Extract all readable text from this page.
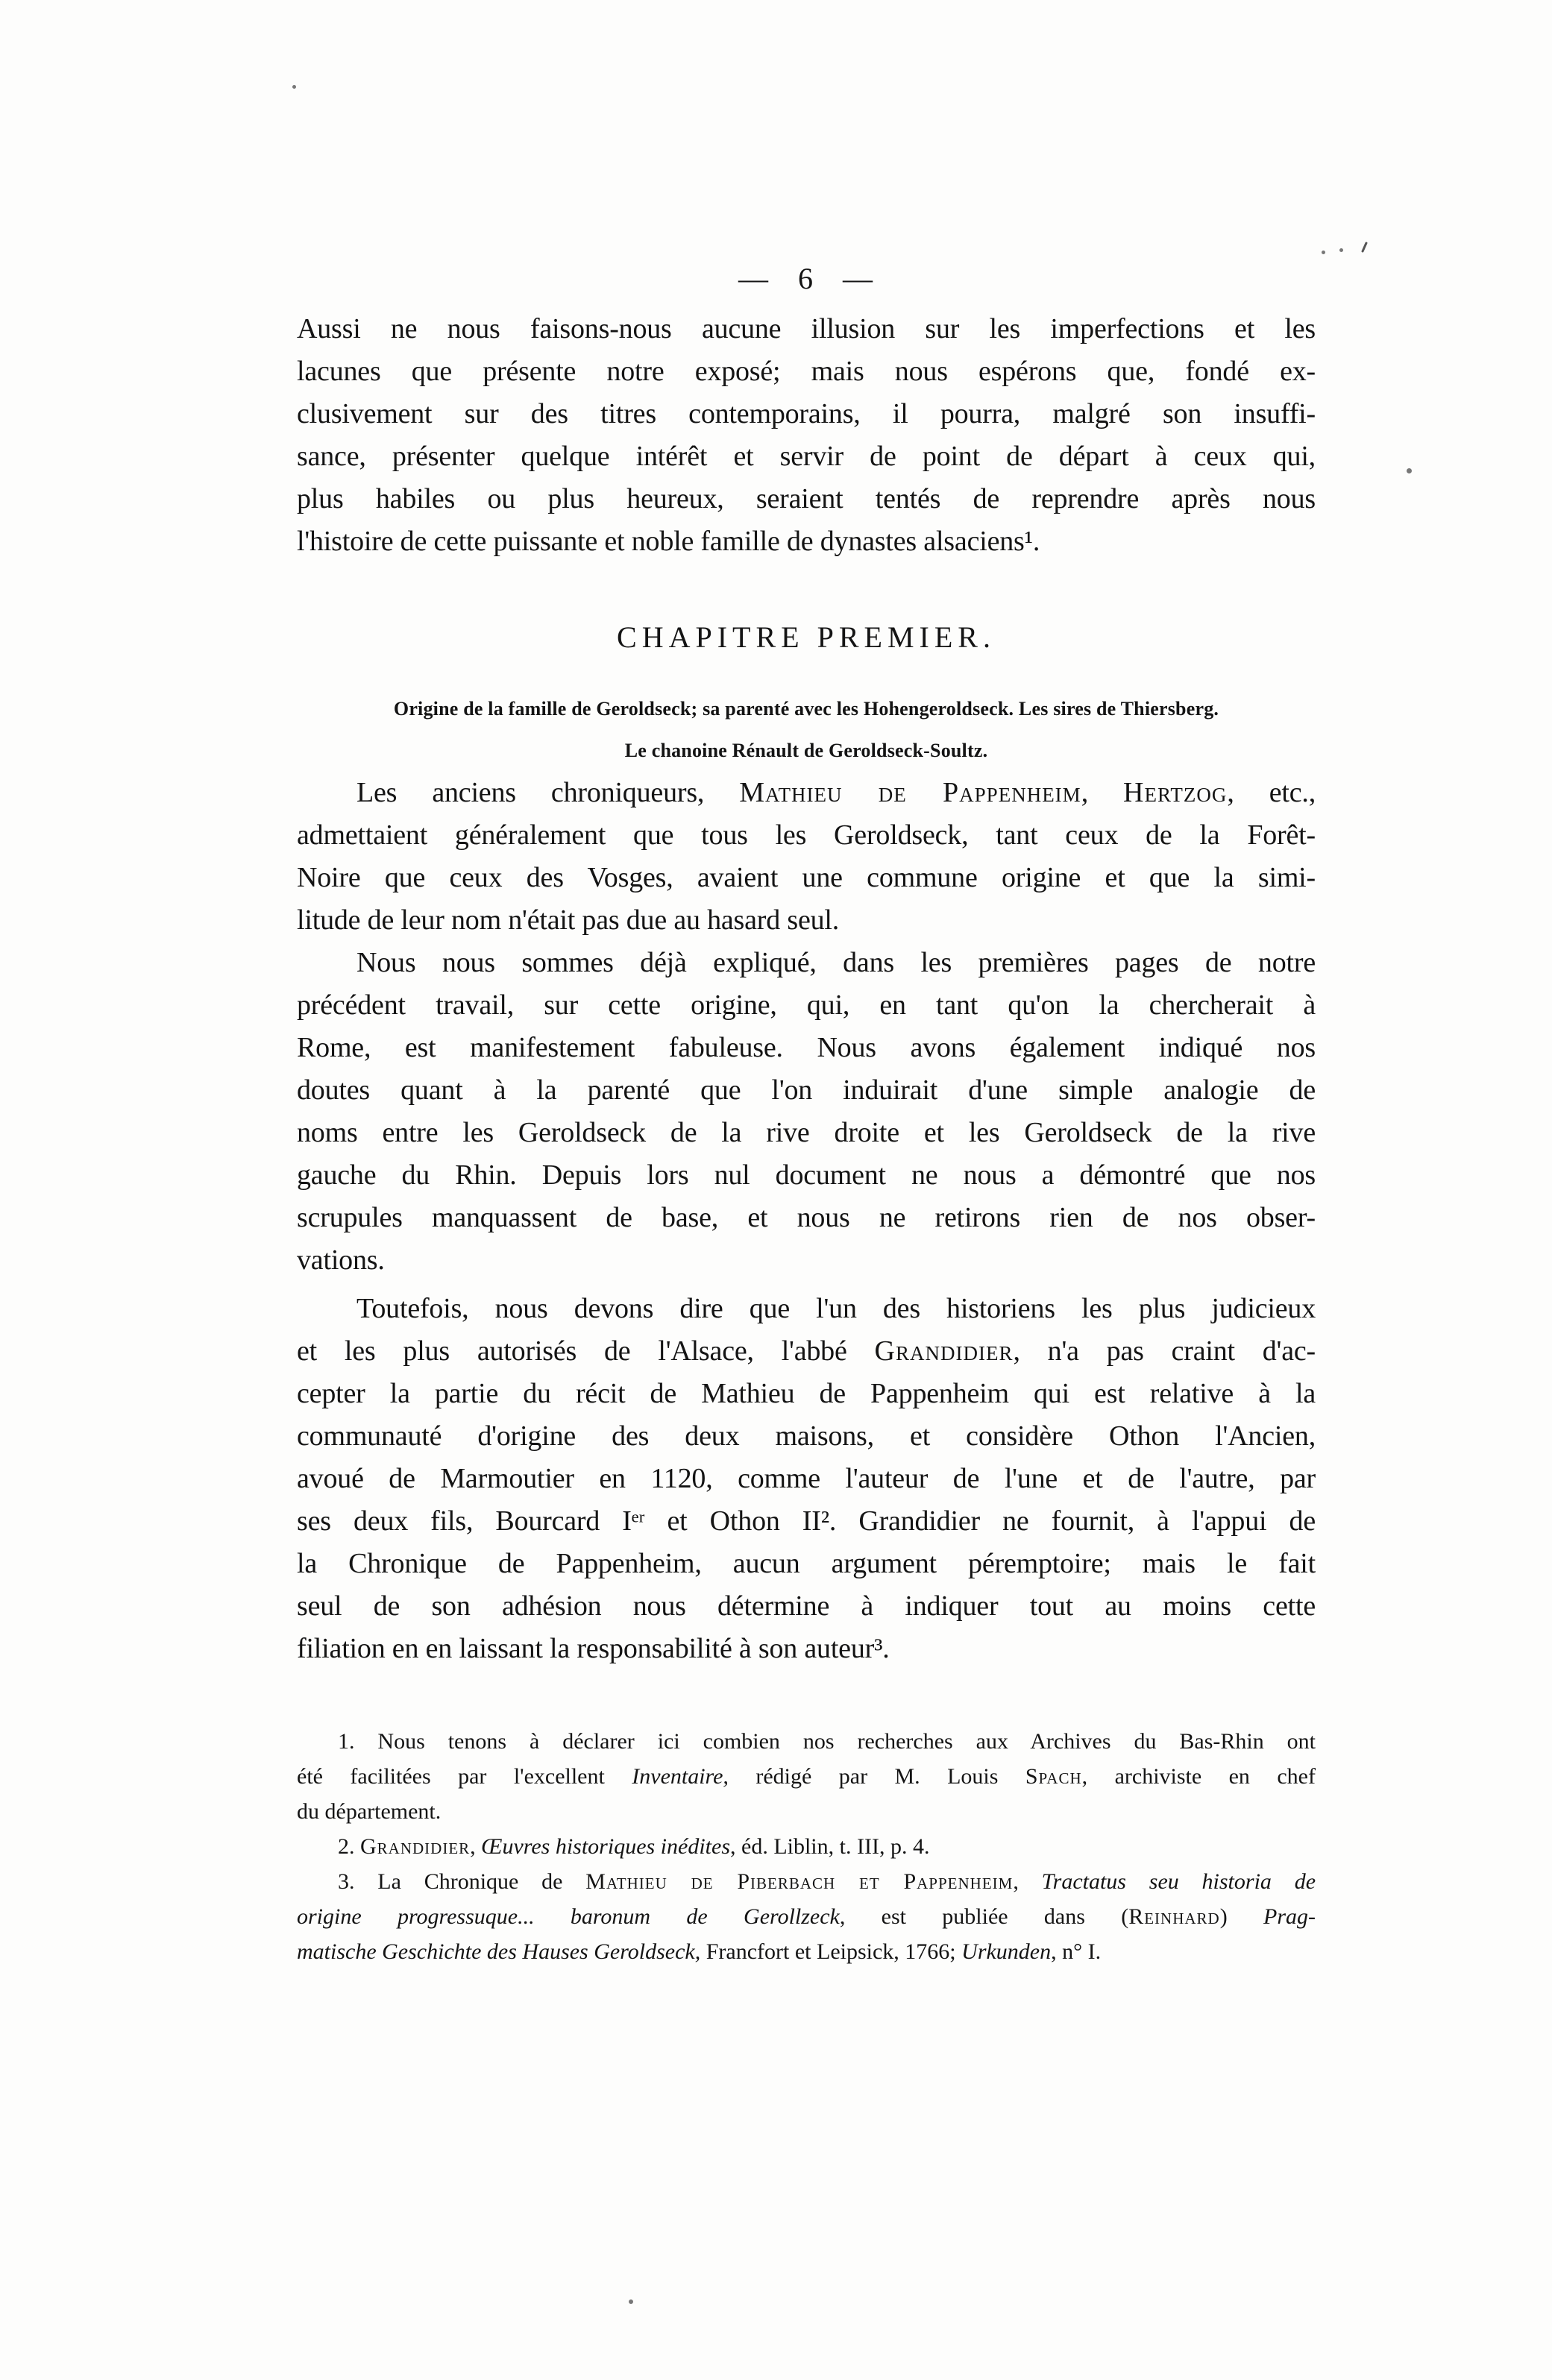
— 6 —
Aussi ne nous faisons-nous aucune illusion sur les imperfections et les
lacunes que présente notre exposé; mais nous espérons que, fondé ex-
clusivement sur des titres contemporains, il pourra, malgré son insuffi-
sance, présenter quelque intérêt et servir de point de départ à ceux qui,
plus habiles ou plus heureux, seraient tentés de reprendre après nous
l'histoire de cette puissante et noble famille de dynastes alsaciens¹.
CHAPITRE PREMIER.
Origine de la famille de Geroldseck; sa parenté avec les Hohengeroldseck. Les sires de Thiersberg.
Le chanoine Rénault de Geroldseck-Soultz.
Les anciens chroniqueurs, Mathieu de Pappenheim, Hertzog, etc.,
admettaient généralement que tous les Geroldseck, tant ceux de la Forêt-
Noire que ceux des Vosges, avaient une commune origine et que la simi-
litude de leur nom n'était pas due au hasard seul.
Nous nous sommes déjà expliqué, dans les premières pages de notre
précédent travail, sur cette origine, qui, en tant qu'on la chercherait à
Rome, est manifestement fabuleuse. Nous avons également indiqué nos
doutes quant à la parenté que l'on induirait d'une simple analogie de
noms entre les Geroldseck de la rive droite et les Geroldseck de la rive
gauche du Rhin. Depuis lors nul document ne nous a démontré que nos
scrupules manquassent de base, et nous ne retirons rien de nos obser-
vations.
Toutefois, nous devons dire que l'un des historiens les plus judicieux
et les plus autorisés de l'Alsace, l'abbé Grandidier, n'a pas craint d'ac-
cepter la partie du récit de Mathieu de Pappenheim qui est relative à la
communauté d'origine des deux maisons, et considère Othon l'Ancien,
avoué de Marmoutier en 1120, comme l'auteur de l'une et de l'autre, par
ses deux fils, Bourcard Iᵉʳ et Othon II². Grandidier ne fournit, à l'appui de
la Chronique de Pappenheim, aucun argument péremptoire; mais le fait
seul de son adhésion nous détermine à indiquer tout au moins cette
filiation en en laissant la responsabilité à son auteur³.
1. Nous tenons à déclarer ici combien nos recherches aux Archives du Bas-Rhin ont
été facilitées par l'excellent Inventaire, rédigé par M. Louis Spach, archiviste en chef
du département.
2. Grandidier, Œuvres historiques inédites, éd. Liblin, t. III, p. 4.
3. La Chronique de Mathieu de Piberbach et Pappenheim, Tractatus seu historia de
origine progressuque... baronum de Gerollzeck, est publiée dans (Reinhard) Prag-
matische Geschichte des Hauses Geroldseck, Francfort et Leipsick, 1766; Urkunden, n° I.
